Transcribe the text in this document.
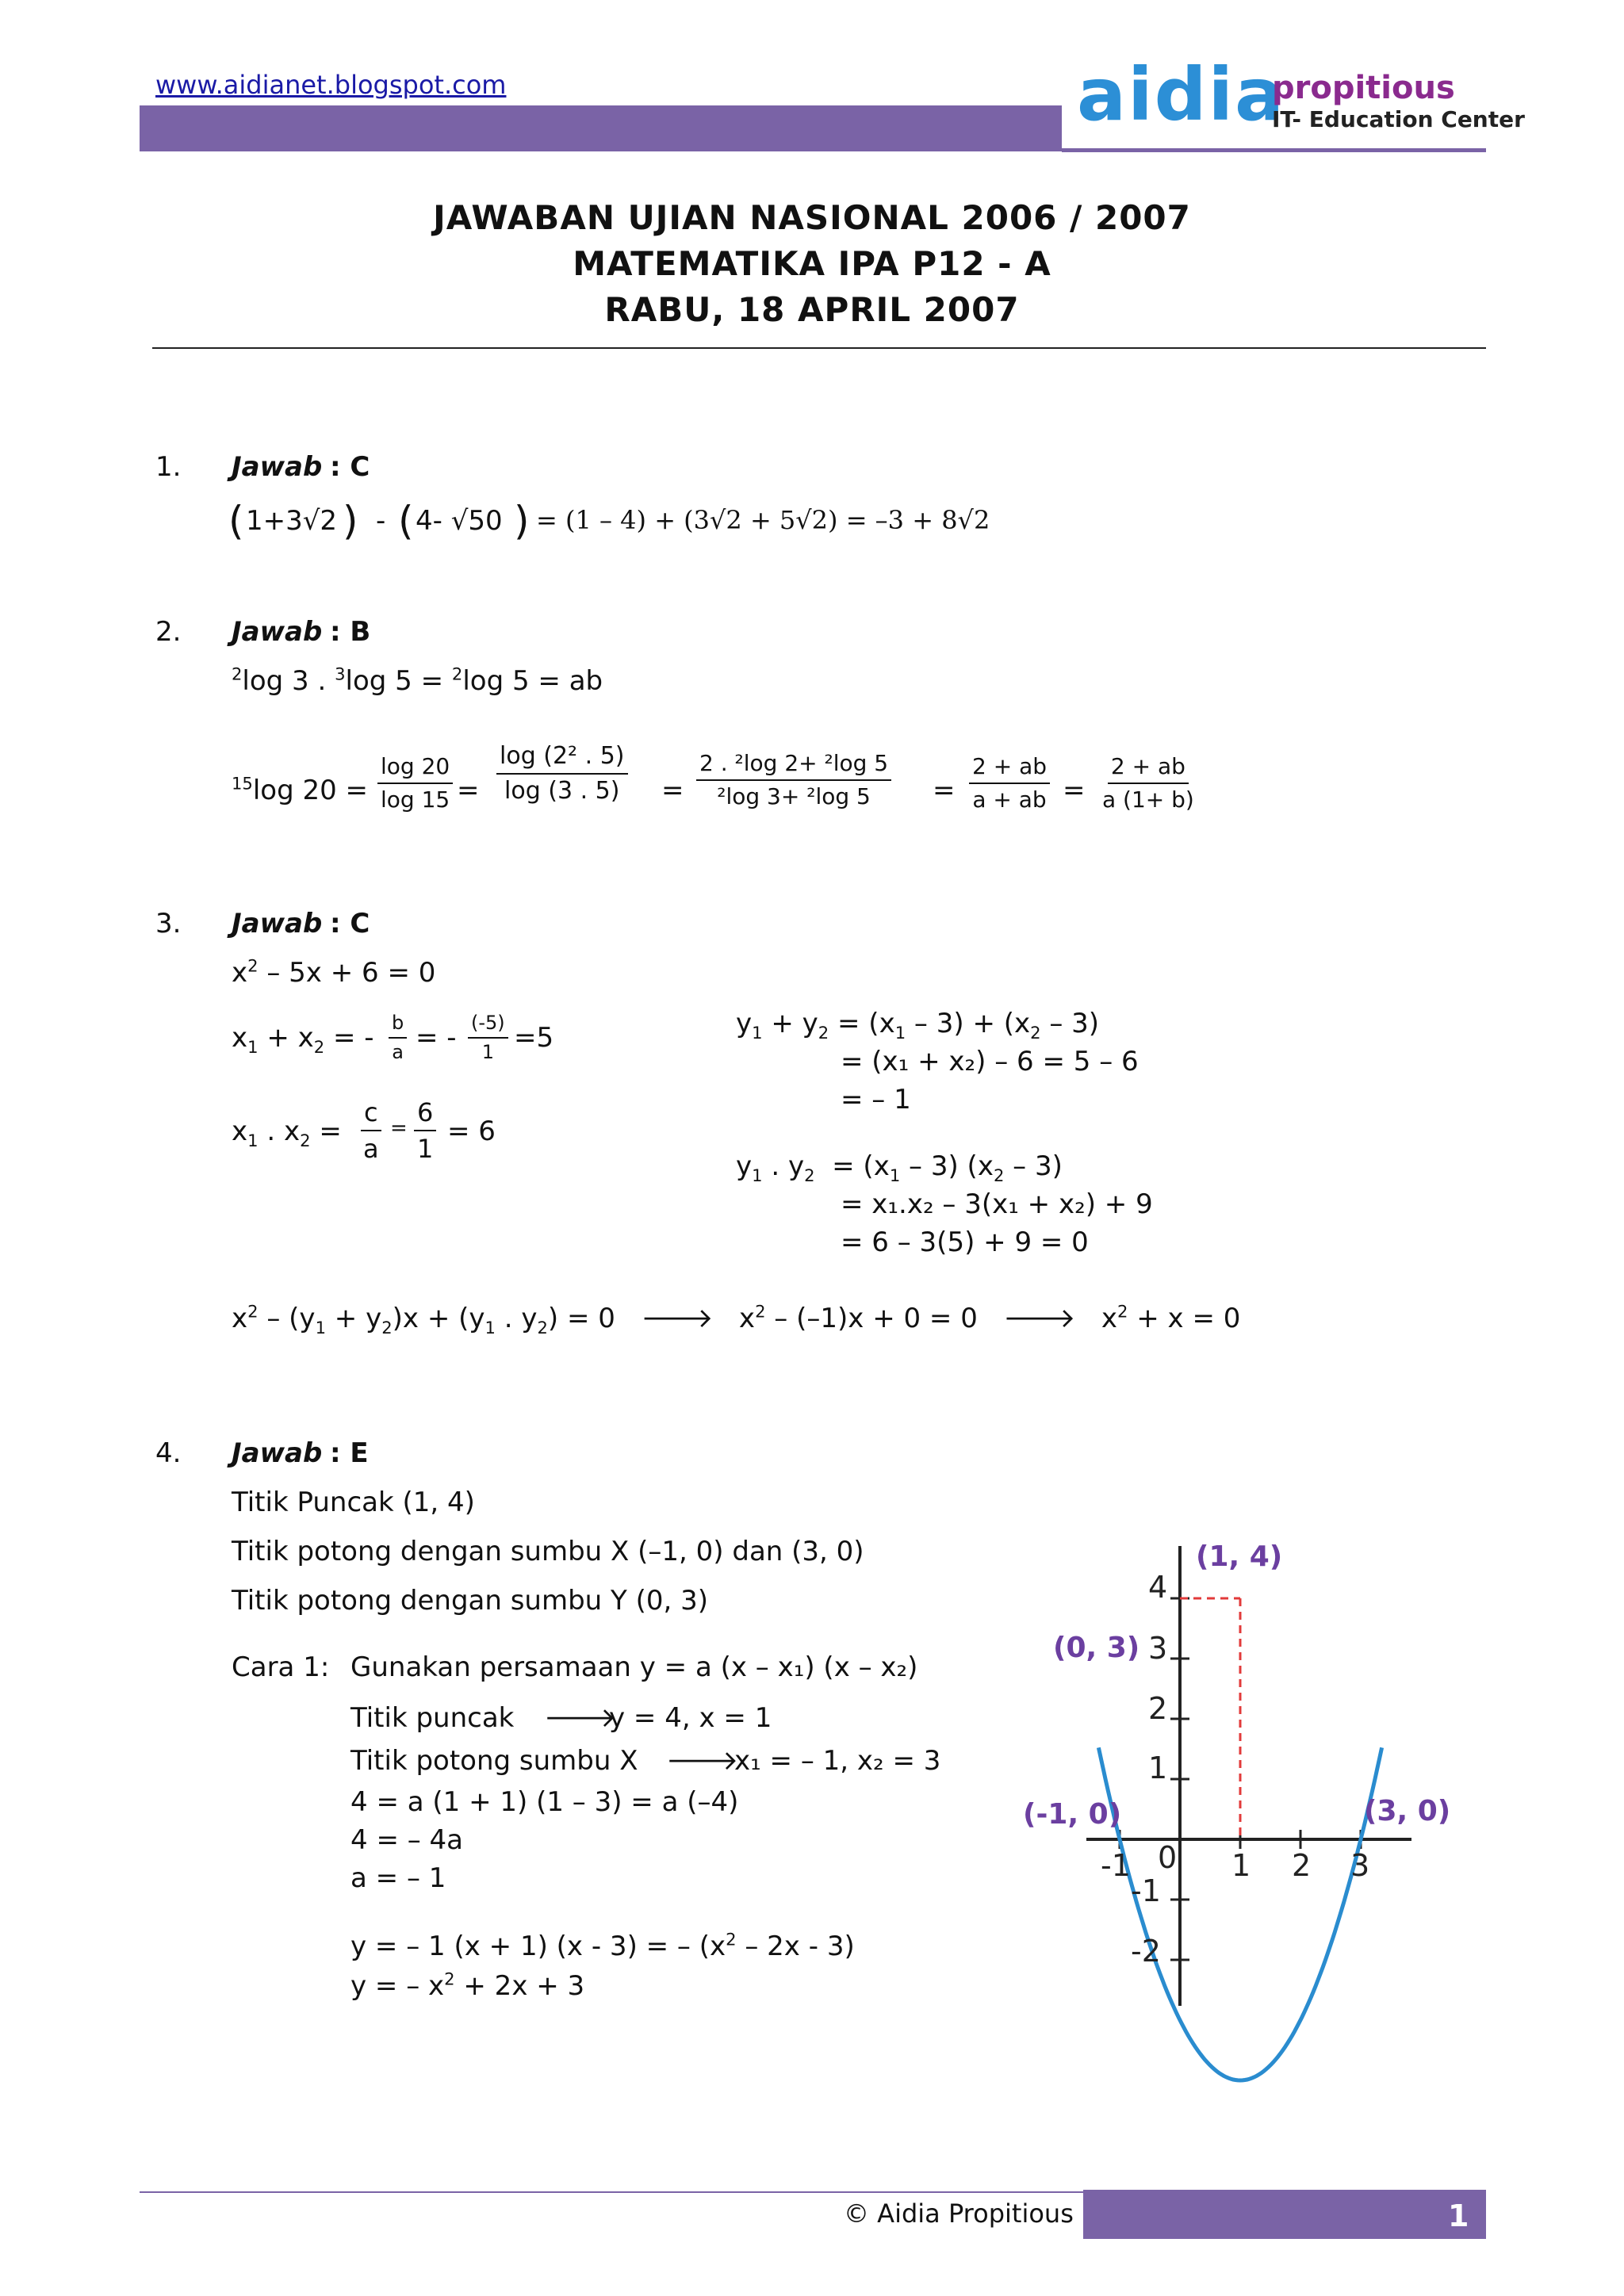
www.aidianet.blogspot.com	aidia
propitious
IT- Education Center
JAWABAN UJIAN NASIONAL 2006 / 2007
MATEMATIKA IPA P12 - A
RABU, 18 APRIL 2007
1. Jawab : C
( 1+3√2 ) - ( 4- √50 ) = (1 – 4) + (3√2 + 5√2) = –3 + 8√2
2. Jawab : B
$^2$log 3 . $^3$log 5 = $^2$log 5 = ab
$^{15}$log $20 = \frac{\log 20}{\log 15} = \frac{\text{log (2² . 5)}}{\log (3 . 5)} = \frac{\text{2 . ²log 2+ ²log 5}}{\text{²log 3+ ²log 5}} = \frac{2 + ab}{a + ab} = \frac{2 + ab}{a (1+ b)}$
3. Jawab : C
$x^2 - 5x + 6 = 0$
$x_1 + x_2$ = - $\frac{b}{a}$ = - $\frac{(-5)}{1} =5$
$x_1$ . $x_2 = \frac{c}{a} = \frac{6}{1} = 6$
$y_1 + y_2 = (x_1 - 3) + (x_2 - 3)$
= (x₁ + x₂) – 6 = 5 – 6
= – 1
$y_1$ . $y_2 = (x_1 - 3)$ $(x_2 - 3)$
= x₁.x₂ – 3(x₁ + x₂) + 9
= 6 – 3(5) + 9 = 0
$x^2 - (y_1 + y_2)x + (y_1$ . $y_2) = 0$   🡒   $x^2 - (-1)x + 0 = 0$   🡒   $x^2 + x = 0$
4. Jawab : E
Titik Puncak (1, 4)
Titik potong dengan sumbu X (–1, 0) dan (3, 0)
Titik potong dengan sumbu Y (0, 3)
Cara 1: Gunakan persamaan y = a (x – x₁) (x – x₂)
Titik puncak 🡒
y = 4, x = 1
Titik potong sumbu X 🡒
x₁ = – 1, x₂ = 3
4 = a (1 + 1) (1 – 3) = a (–4)
4 = – 4a
a = – 1
y = – 1 (x + 1) (x - 3) = – $(x^2 - 2x - 3)$
y = – $x^2 + 2x + 3$
-1 0 1 2 3
4
3
2
1
-1
-2
(1, 4)
(0, 3)
(-1, 0)	(3, 0)
© Aidia Propitious	1
